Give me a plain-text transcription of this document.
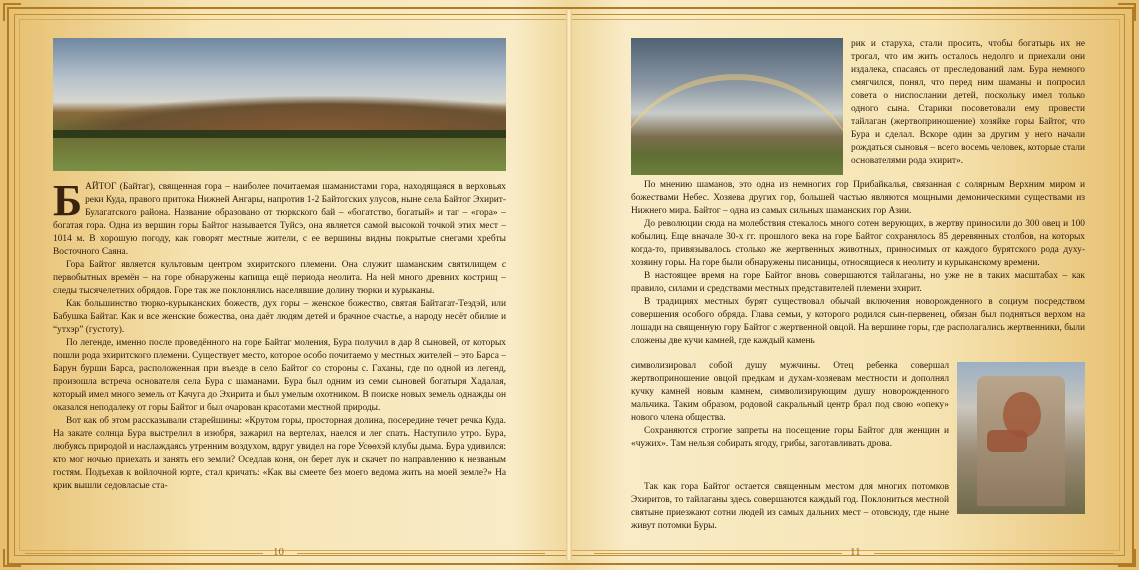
БАЙТОГ (Байтаг), священная гора – наиболее почитаемая шаманистами гора, находящаяся в верховьях реки Куда, правого притока Нижней Ангары, напротив 1-2 Байтогских улусов, ныне села Байтог Эхирит-Булагатского района. Название образовано от тюркского бай – «богатство, богатый» и таг – «гора» – богатая гора. Одна из вершин горы Байтог называется Туйсэ, она является самой высокой точкой этих мест – 1014 м. В хорошую погоду, как говорят местные жители, с ее вершины видны покрытые снегами хребты Восточного Саяна.

Гора Байтог является культовым центром эхиритского племени. Она служит шаманским святилищем с первобытных времён – на горе обнаружены капища ещё периода неолита. На ней много древних кострищ – следы тысячелетних обрядов. Горе так же поклонялись населявшие долину тюрки и курыканы.

Как большинство тюрко-курыканских божеств, дух горы – женское божество, святая Байтагат-Теэдэй, или Бабушка Байтаг. Как и все женские божества, она даёт людям детей и брачное счастье, а народу несёт обилие и “утхэр” (густоту).

По легенде, именно после проведённого на горе Байтаг моления, Бура получил в дар 8 сыновей, от которых пошли рода эхиритского племени. Существует место, которое особо почитаемо у местных жителей – это Барса – Барун бурши Барса, расположенная при въезде в село Байтог со стороны с. Гаханы, где по одной из легенд, произошла встреча основателя села Бура с шаманами. Бура был одним из семи сыновей богатыря Хадалая, который имел много земель от Качуга до Эхирита и был умелым охотником. В поиске новых земель однажды он оказался неподалеку от горы Байтог и был очарован красотами местной природы.

Вот как об этом рассказывали старейшины: «Крутом горы, просторная долина, посередине течет речка Куда. На закате солнца Бура выстрелил в изюбря, зажарил на вертелах, наелся и лег спать. Наступило утро. Бура, любуясь природой и наслаждаясь утренним воздухом, вдруг увидел на горе Усөөхэй клубы дыма. Бура удивился: кто мог ночью приехать и занять его земли? Оседлав коня, он берет лук и скачет по направлению к незваным гостям. Подъехав к войлочной юрте, стал кричать: «Как вы смеете без моего ведома жить на моей земле?» На крик вышли седовласые ста-

10

рик и старуха, стали просить, чтобы богатырь их не трогал, что им жить осталось недолго и приехали они издалека, спасаясь от преследований лам. Бура немного смягчился, понял, что перед ним шаманы и попросил совета о ниспослании детей, поскольку имел только одного сына. Старики посоветовали ему провести тайлаган (жертвоприношение) хозяйке горы Байтог, что Бура и сделал. Вскоре один за другим у него начали рождаться сыновья – всего восемь человек, которые стали основателями рода эхирит».

По мнению шаманов, это одна из немногих гор Прибайкалья, связанная с солярным Верхним миром и божествами Небес. Хозяева других гор, большей частью являются мощными демоническими существами из Нижнего мира. Байтог – одна из самых сильных шаманских гор Азии.

До революции сюда на молебствия стекалось много сотен верующих, в жертву приносили до 300 овец и 100 кобылиц. Еще вначале 30-х гг. прошлого века на горе Байтог сохранялось 85 деревянных столбов, на которых когда-то, привязывалось столько же жертвенных животных, приносимых от каждого бурятского рода духу-хозяину горы. На горе были обнаружены писаницы, относящиеся к неолиту и курыканскому времени.

В настоящее время на горе Байтог вновь совершаются тайлаганы, но уже не в таких масштабах – как правило, силами и средствами местных представителей племени эхирит.

В традициях местных бурят существовал обычай включения новорожденного в социум посредством совершения особого обряда. Глава семьи, у которого родился сын-первенец, обязан был подняться верхом на лошади на священную гору Байтог с жертвенной овцой. На вершине горы, где располагались жертвенники, были сложены две кучи камней, где каждый камень

символизировал собой душу мужчины. Отец ребенка совершал жертвоприношение овцой предкам и духам-хозяевам местности и дополнял кучку камней новым камнем, символизирующим душу новорожденного мальчика. Таким образом, родовой сакральный центр брал под свою «опеку» нового члена общества.

Сохраняются строгие запреты на посещение горы Байтог для женщин и «чужих». Там нельзя собирать ягоду, грибы, заготавливать дрова.

Так как гора Байтог остается священным местом для многих потомков Эхиритов, то тайлаганы здесь совершаются каждый год. Поклониться местной святыне приезжают сотни людей из самых дальних мест – отовсюду, где ныне живут потомки Буры.

11
